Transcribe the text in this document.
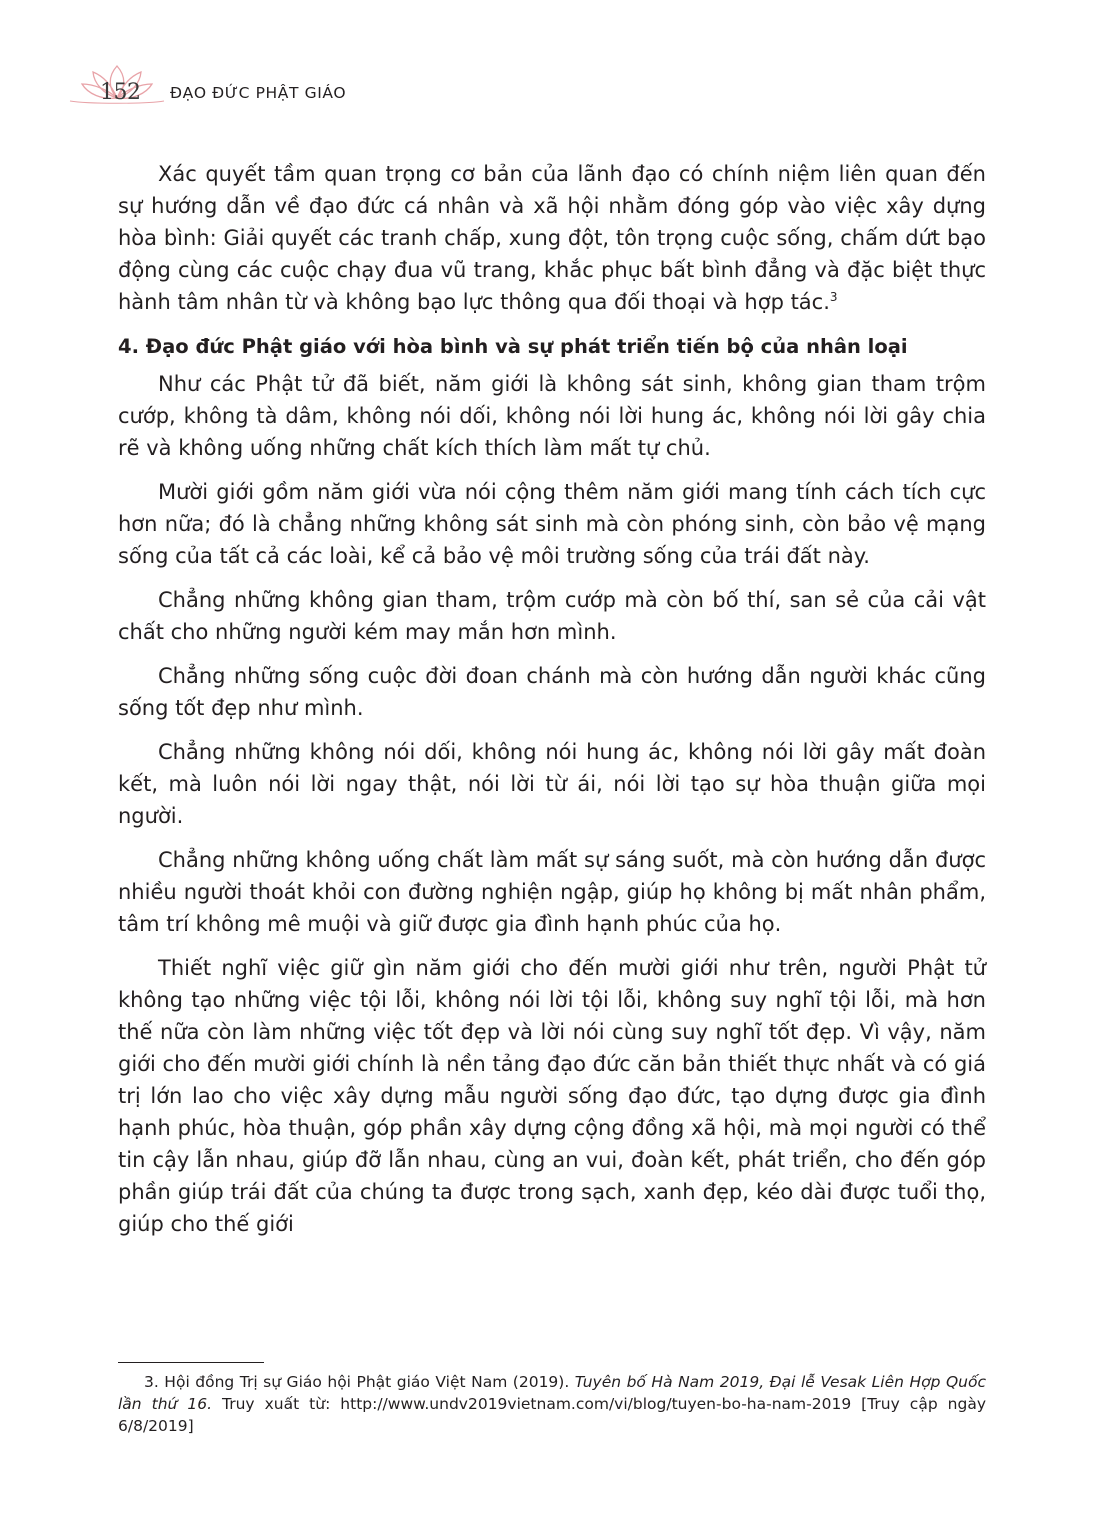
152 ĐẠO ĐỨC PHẬT GIÁO

Xác quyết tầm quan trọng cơ bản của lãnh đạo có chính niệm liên quan đến sự hướng dẫn về đạo đức cá nhân và xã hội nhằm đóng góp vào việc xây dựng hòa bình: Giải quyết các tranh chấp, xung đột, tôn trọng cuộc sống, chấm dứt bạo động cùng các cuộc chạy đua vũ trang, khắc phục bất bình đẳng và đặc biệt thực hành tâm nhân từ và không bạo lực thông qua đối thoại và hợp tác.$^3$

4. Đạo đức Phật giáo với hòa bình và sự phát triển tiến bộ của nhân loại

Như các Phật tử đã biết, năm giới là không sát sinh, không gian tham trộm cướp, không tà dâm, không nói dối, không nói lời hung ác, không nói lời gây chia rẽ và không uống những chất kích thích làm mất tự chủ.

Mười giới gồm năm giới vừa nói cộng thêm năm giới mang tính cách tích cực hơn nữa; đó là chẳng những không sát sinh mà còn phóng sinh, còn bảo vệ mạng sống của tất cả các loài, kể cả bảo vệ môi trường sống của trái đất này.

Chẳng những không gian tham, trộm cướp mà còn bố thí, san sẻ của cải vật chất cho những người kém may mắn hơn mình.

Chẳng những sống cuộc đời đoan chánh mà còn hướng dẫn người khác cũng sống tốt đẹp như mình.

Chẳng những không nói dối, không nói hung ác, không nói lời gây mất đoàn kết, mà luôn nói lời ngay thật, nói lời từ ái, nói lời tạo sự hòa thuận giữa mọi người.

Chẳng những không uống chất làm mất sự sáng suốt, mà còn hướng dẫn được nhiều người thoát khỏi con đường nghiện ngập, giúp họ không bị mất nhân phẩm, tâm trí không mê muội và giữ được gia đình hạnh phúc của họ.

Thiết nghĩ việc giữ gìn năm giới cho đến mười giới như trên, người Phật tử không tạo những việc tội lỗi, không nói lời tội lỗi, không suy nghĩ tội lỗi, mà hơn thế nữa còn làm những việc tốt đẹp và lời nói cùng suy nghĩ tốt đẹp. Vì vậy, năm giới cho đến mười giới chính là nền tảng đạo đức căn bản thiết thực nhất và có giá trị lớn lao cho việc xây dựng mẫu người sống đạo đức, tạo dựng được gia đình hạnh phúc, hòa thuận, góp phần xây dựng cộng đồng xã hội, mà mọi người có thể tin cậy lẫn nhau, giúp đỡ lẫn nhau, cùng an vui, đoàn kết, phát triển, cho đến góp phần giúp trái đất của chúng ta được trong sạch, xanh đẹp, kéo dài được tuổi thọ, giúp cho thế giới

3. Hội đồng Trị sự Giáo hội Phật giáo Việt Nam (2019). Tuyên bố Hà Nam 2019, Đại lễ Vesak Liên Hợp Quốc lần thứ 16. Truy xuất từ: http://www.undv2019vietnam.com/vi/blog/tuyen-bo-ha-nam-2019 [Truy cập ngày 6/8/2019]
